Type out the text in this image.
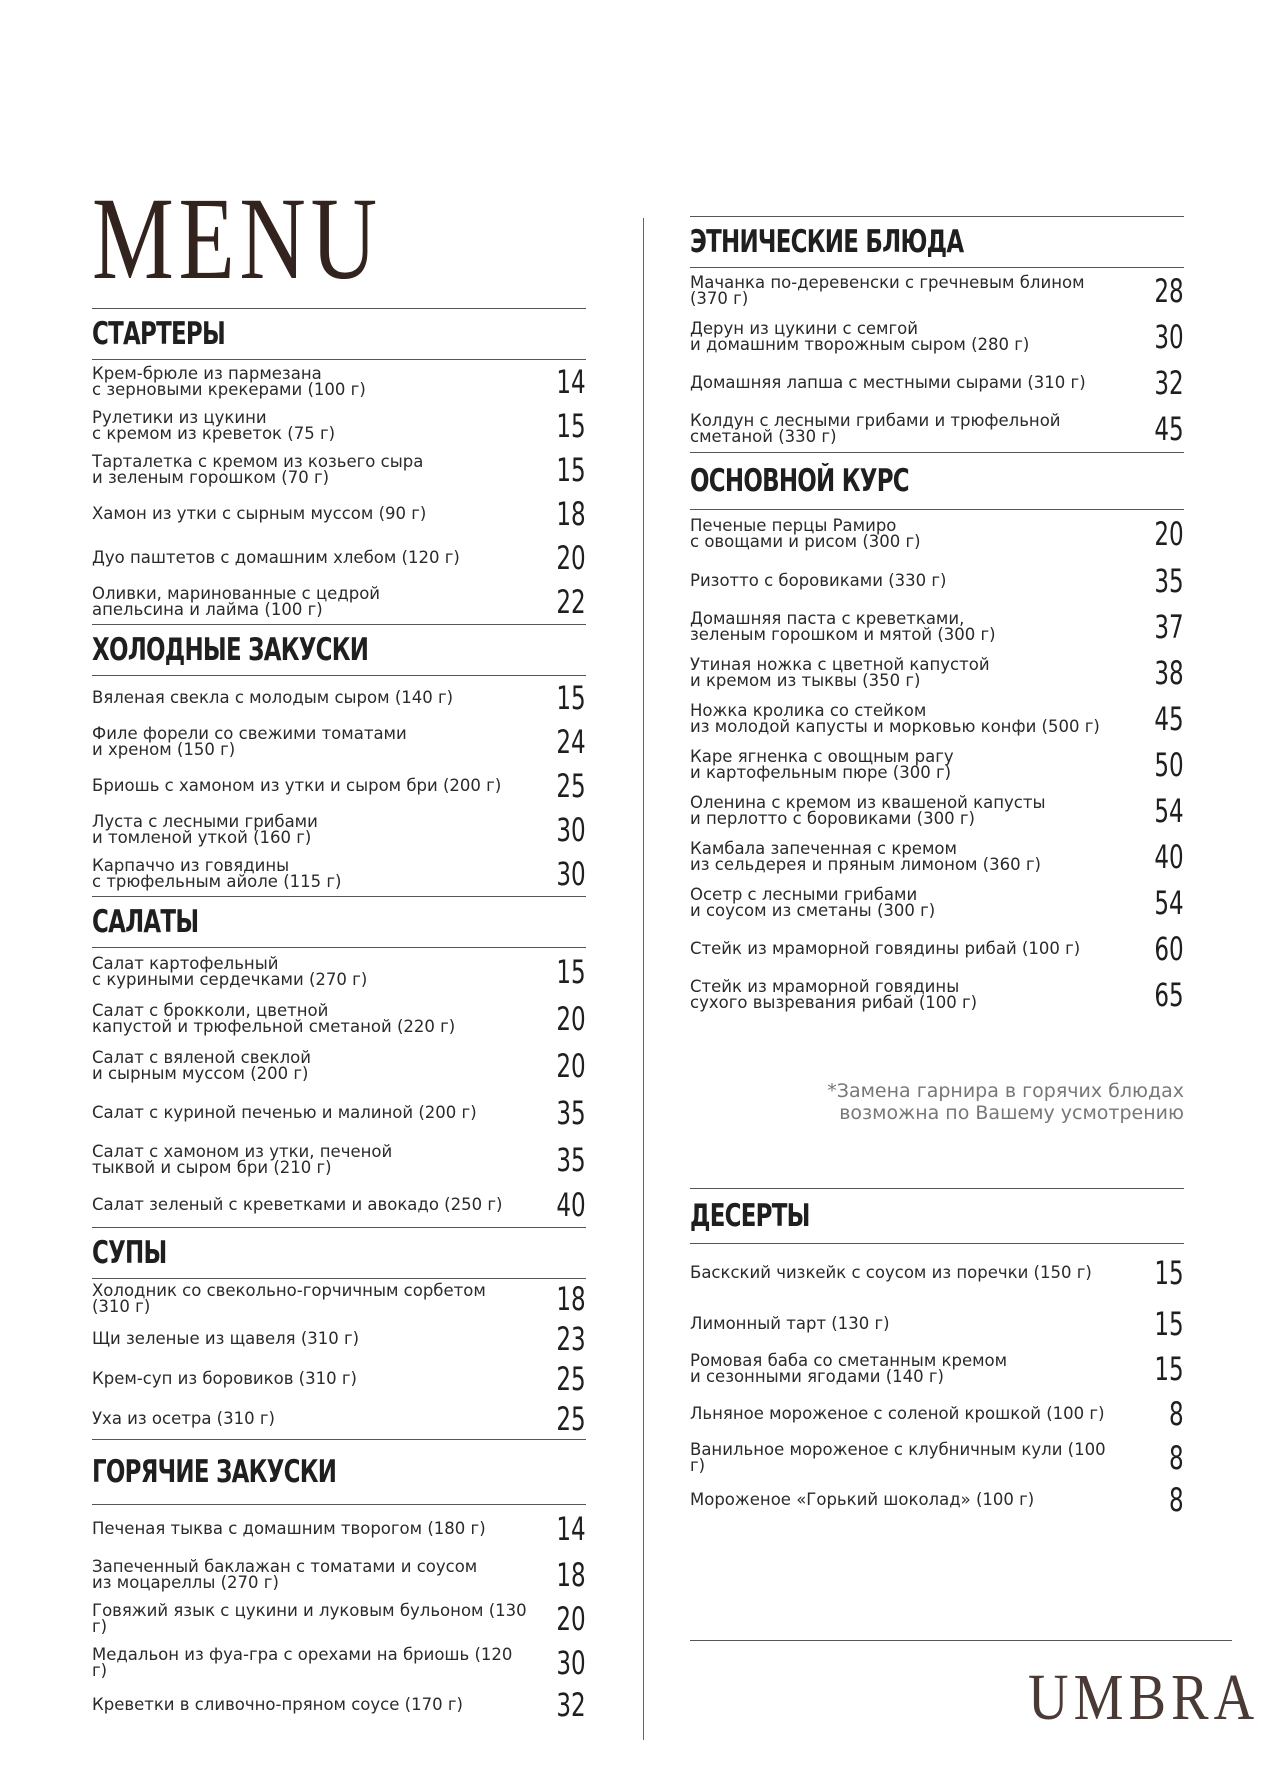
MENU
СТАРТЕРЫ
Крем-брюле из пармезана
с зерновыми крекерами (100 г)	14
Рулетики из цукини
с кремом из креветок (75 г)	15
Тарталетка с кремом из козьего сыра
и зеленым горошком (70 г)	15
Хамон из утки с сырным муссом (90 г)	18
Дуо паштетов с домашним хлебом (120 г)	20
Оливки, маринованные с цедрой
апельсина и лайма (100 г)	22
ХОЛОДНЫЕ ЗАКУСКИ
Вяленая свекла с молодым сыром (140 г)	15
Филе форели со свежими томатами
и хреном (150 г)	24
Бриошь с хамоном из утки и сыром бри (200 г)	25
Луста с лесными грибами
и томленой уткой (160 г)	30
Карпаччо из говядины
с трюфельным айоле (115 г)	30
САЛАТЫ
Салат картофельный
с куриными сердечками (270 г)	15
Салат с брокколи, цветной
капустой и трюфельной сметаной (220 г)	20
Салат с вяленой свеклой
и сырным муссом (200 г)	20
Салат с куриной печенью и малиной (200 г)	35
Салат с хамоном из утки, печеной
тыквой и сыром бри (210 г)	35
Салат зеленый с креветками и авокадо (250 г)	40
СУПЫ
Холодник со свекольно-горчичным сорбетом (310 г)	18
Щи зеленые из щавеля (310 г)	23
Крем-суп из боровиков (310 г)	25
Уха из осетра (310 г)	25
ГОРЯЧИЕ ЗАКУСКИ
Печеная тыква с домашним творогом (180 г)	14
Запеченный баклажан с томатами и соусом
из моцареллы (270 г)	18
Говяжий язык с цукини и луковым бульоном (130 г)	20
Медальон из фуа-гра с орехами на бриошь (120 г)	30
Креветки в сливочно-пряном соусе (170 г)	32
ЭТНИЧЕСКИЕ БЛЮДА
Мачанка по-деревенски с гречневым блином (370 г)	28
Дерун из цукини с семгой
и домашним творожным сыром (280 г)	30
Домашняя лапша с местными сырами (310 г)	32
Колдун с лесными грибами и трюфельной
сметаной (330 г)	45
ОСНОВНОЙ КУРС
Печеные перцы Рамиро
с овощами и рисом (300 г)	20
Ризотто с боровиками (330 г)	35
Домашняя паста с креветками,
зеленым горошком и мятой (300 г)	37
Утиная ножка с цветной капустой
и кремом из тыквы (350 г)	38
Ножка кролика со стейком
из молодой капусты и морковью конфи (500 г)	45
Каре ягненка с овощным рагу
и картофельным пюре (300 г)	50
Оленина с кремом из квашеной капусты
и перлотто с боровиками (300 г)	54
Камбала запеченная с кремом
из сельдерея и пряным лимоном (360 г)	40
Осетр с лесными грибами
и соусом из сметаны (300 г)	54
Стейк из мраморной говядины рибай (100 г)	60
Стейк из мраморной говядины
сухого вызревания рибай (100 г)	65
*Замена гарнира в горячих блюдах
возможна по Вашему усмотрению
ДЕСЕРТЫ
Баскский чизкейк с соусом из поречки (150 г)	15
Лимонный тарт (130 г)	15
Ромовая баба со сметанным кремом
и сезонными ягодами (140 г)	15
Льняное мороженое с соленой крошкой (100 г)	8
Ванильное мороженое с клубничным кули (100 г)	8
Мороженое «Горький шоколад» (100 г)	8
UMBRA
